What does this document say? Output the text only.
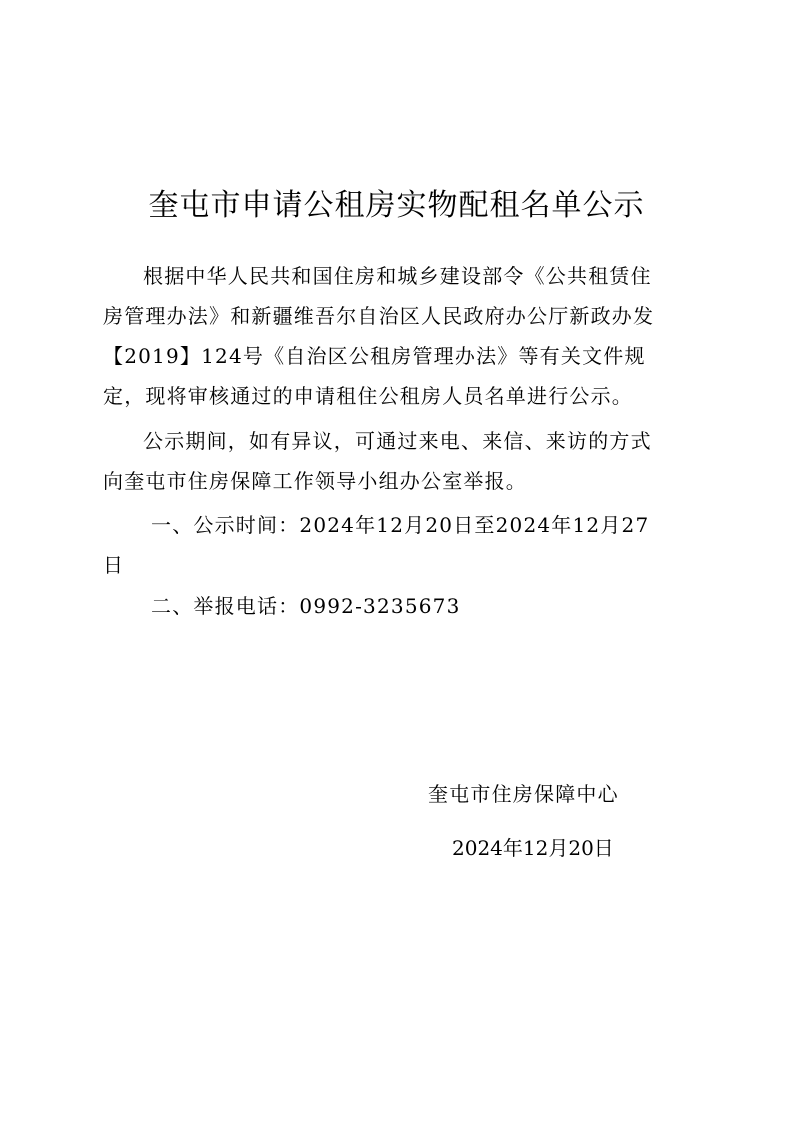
奎屯市申请公租房实物配租名单公示
根据中华人民共和国住房和城乡建设部令《公共租赁住房管理办法》和新疆维吾尔自治区人民政府办公厅新政办发【2019】124号《自治区公租房管理办法》等有关文件规定，现将审核通过的申请租住公租房人员名单进行公示。
公示期间，如有异议，可通过来电、来信、来访的方式向奎屯市住房保障工作领导小组办公室举报。
一、公示时间：2024年12月20日至2024年12月27日
二、举报电话：0992-3235673
奎屯市住房保障中心
2024年12月20日
